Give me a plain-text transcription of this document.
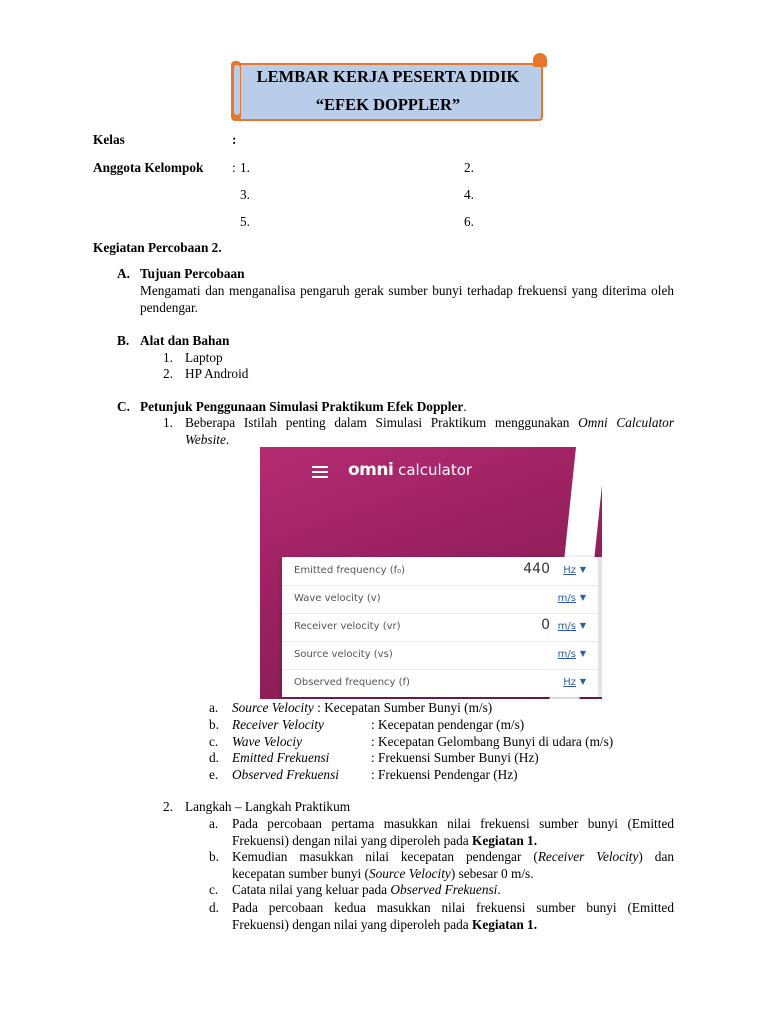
LEMBAR KERJA PESERTA DIDIK
“EFEK DOPPLER”
Kelas	:
Anggota Kelompok : 1.	2.
3.	4.
5.	6.
Kegiatan Percobaan 2.
A. Tujuan Percobaan
Mengamati dan menganalisa pengaruh gerak sumber bunyi terhadap frekuensi yang diterima oleh pendengar.
B. Alat dan Bahan
1. Laptop
2. HP Android
C. Petunjuk Penggunaan Simulasi Praktikum Efek Doppler.
1. Beberapa Istilah penting dalam Simulasi Praktikum menggunakan Omni Calculator
Website.
omni calculator
Emitted frequency (f₀)	440 Hz ▼
Wave velocity (v)	m/s ▼
Receiver velocity (vr)	0 m/s ▼
Source velocity (vs)	m/s ▼
Observed frequency (f)	Hz ▼
a. Source Velocity : Kecepatan Sumber Bunyi (m/s)
b. Receiver Velocity	: Kecepatan pendengar (m/s)
c. Wave Velociy	: Kecepatan Gelombang Bunyi di udara (m/s)
d. Emitted Frekuensi	: Frekuensi Sumber Bunyi (Hz)
e. Observed Frekuensi : Frekuensi Pendengar (Hz)
2. Langkah – Langkah Praktikum
a. Pada percobaan pertama masukkan nilai frekuensi sumber bunyi (Emitted
Frekuensi) dengan nilai yang diperoleh pada Kegiatan 1.
b. Kemudian masukkan nilai kecepatan pendengar (Receiver Velocity) dan
kecepatan sumber bunyi (Source Velocity) sebesar 0 m/s.
c. Catata nilai yang keluar pada Observed Frekuensi.
d. Pada percobaan kedua masukkan nilai frekuensi sumber bunyi (Emitted
Frekuensi) dengan nilai yang diperoleh pada Kegiatan 1.
